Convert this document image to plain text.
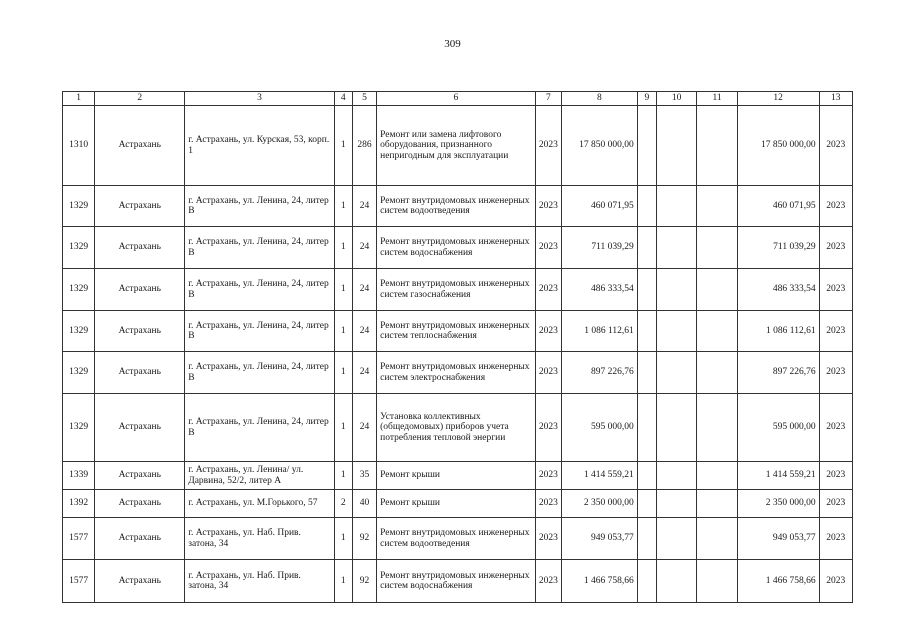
309
1	2	3	4	5	6	7	8	9	10	11	12	13
1310	Астрахань	г. Астрахань, ул. Курская, 53, корп. 1	1	286	Ремонт или замена лифтового оборудования, признанного непригодным для эксплуатации	2023	17 850 000,00				17 850 000,00	2023
1329	Астрахань	г. Астрахань, ул. Ленина, 24, литер В	1	24	Ремонт внутридомовых инженерных систем водоотведения	2023	460 071,95				460 071,95	2023
1329	Астрахань	г. Астрахань, ул. Ленина, 24, литер В	1	24	Ремонт внутридомовых инженерных систем водоснабжения	2023	711 039,29				711 039,29	2023
1329	Астрахань	г. Астрахань, ул. Ленина, 24, литер В	1	24	Ремонт внутридомовых инженерных систем газоснабжения	2023	486 333,54				486 333,54	2023
1329	Астрахань	г. Астрахань, ул. Ленина, 24, литер В	1	24	Ремонт внутридомовых инженерных систем теплоснабжения	2023	1 086 112,61				1 086 112,61	2023
1329	Астрахань	г. Астрахань, ул. Ленина, 24, литер В	1	24	Ремонт внутридомовых инженерных систем электроснабжения	2023	897 226,76				897 226,76	2023
1329	Астрахань	г. Астрахань, ул. Ленина, 24, литер В	1	24	Установка коллективных (общедомовых) приборов учета потребления тепловой энергии	2023	595 000,00				595 000,00	2023
1339	Астрахань	г. Астрахань, ул. Ленина/ ул. Дарвина, 52/2, литер А	1	35	Ремонт крыши	2023	1 414 559,21				1 414 559,21	2023
1392	Астрахань	г. Астрахань, ул. М.Горького, 57	2	40	Ремонт крыши	2023	2 350 000,00				2 350 000,00	2023
1577	Астрахань	г. Астрахань, ул. Наб. Прив. затона, 34	1	92	Ремонт внутридомовых инженерных систем водоотведения	2023	949 053,77				949 053,77	2023
1577	Астрахань	г. Астрахань, ул. Наб. Прив. затона, 34	1	92	Ремонт внутридомовых инженерных систем водоснабжения	2023	1 466 758,66				1 466 758,66	2023
